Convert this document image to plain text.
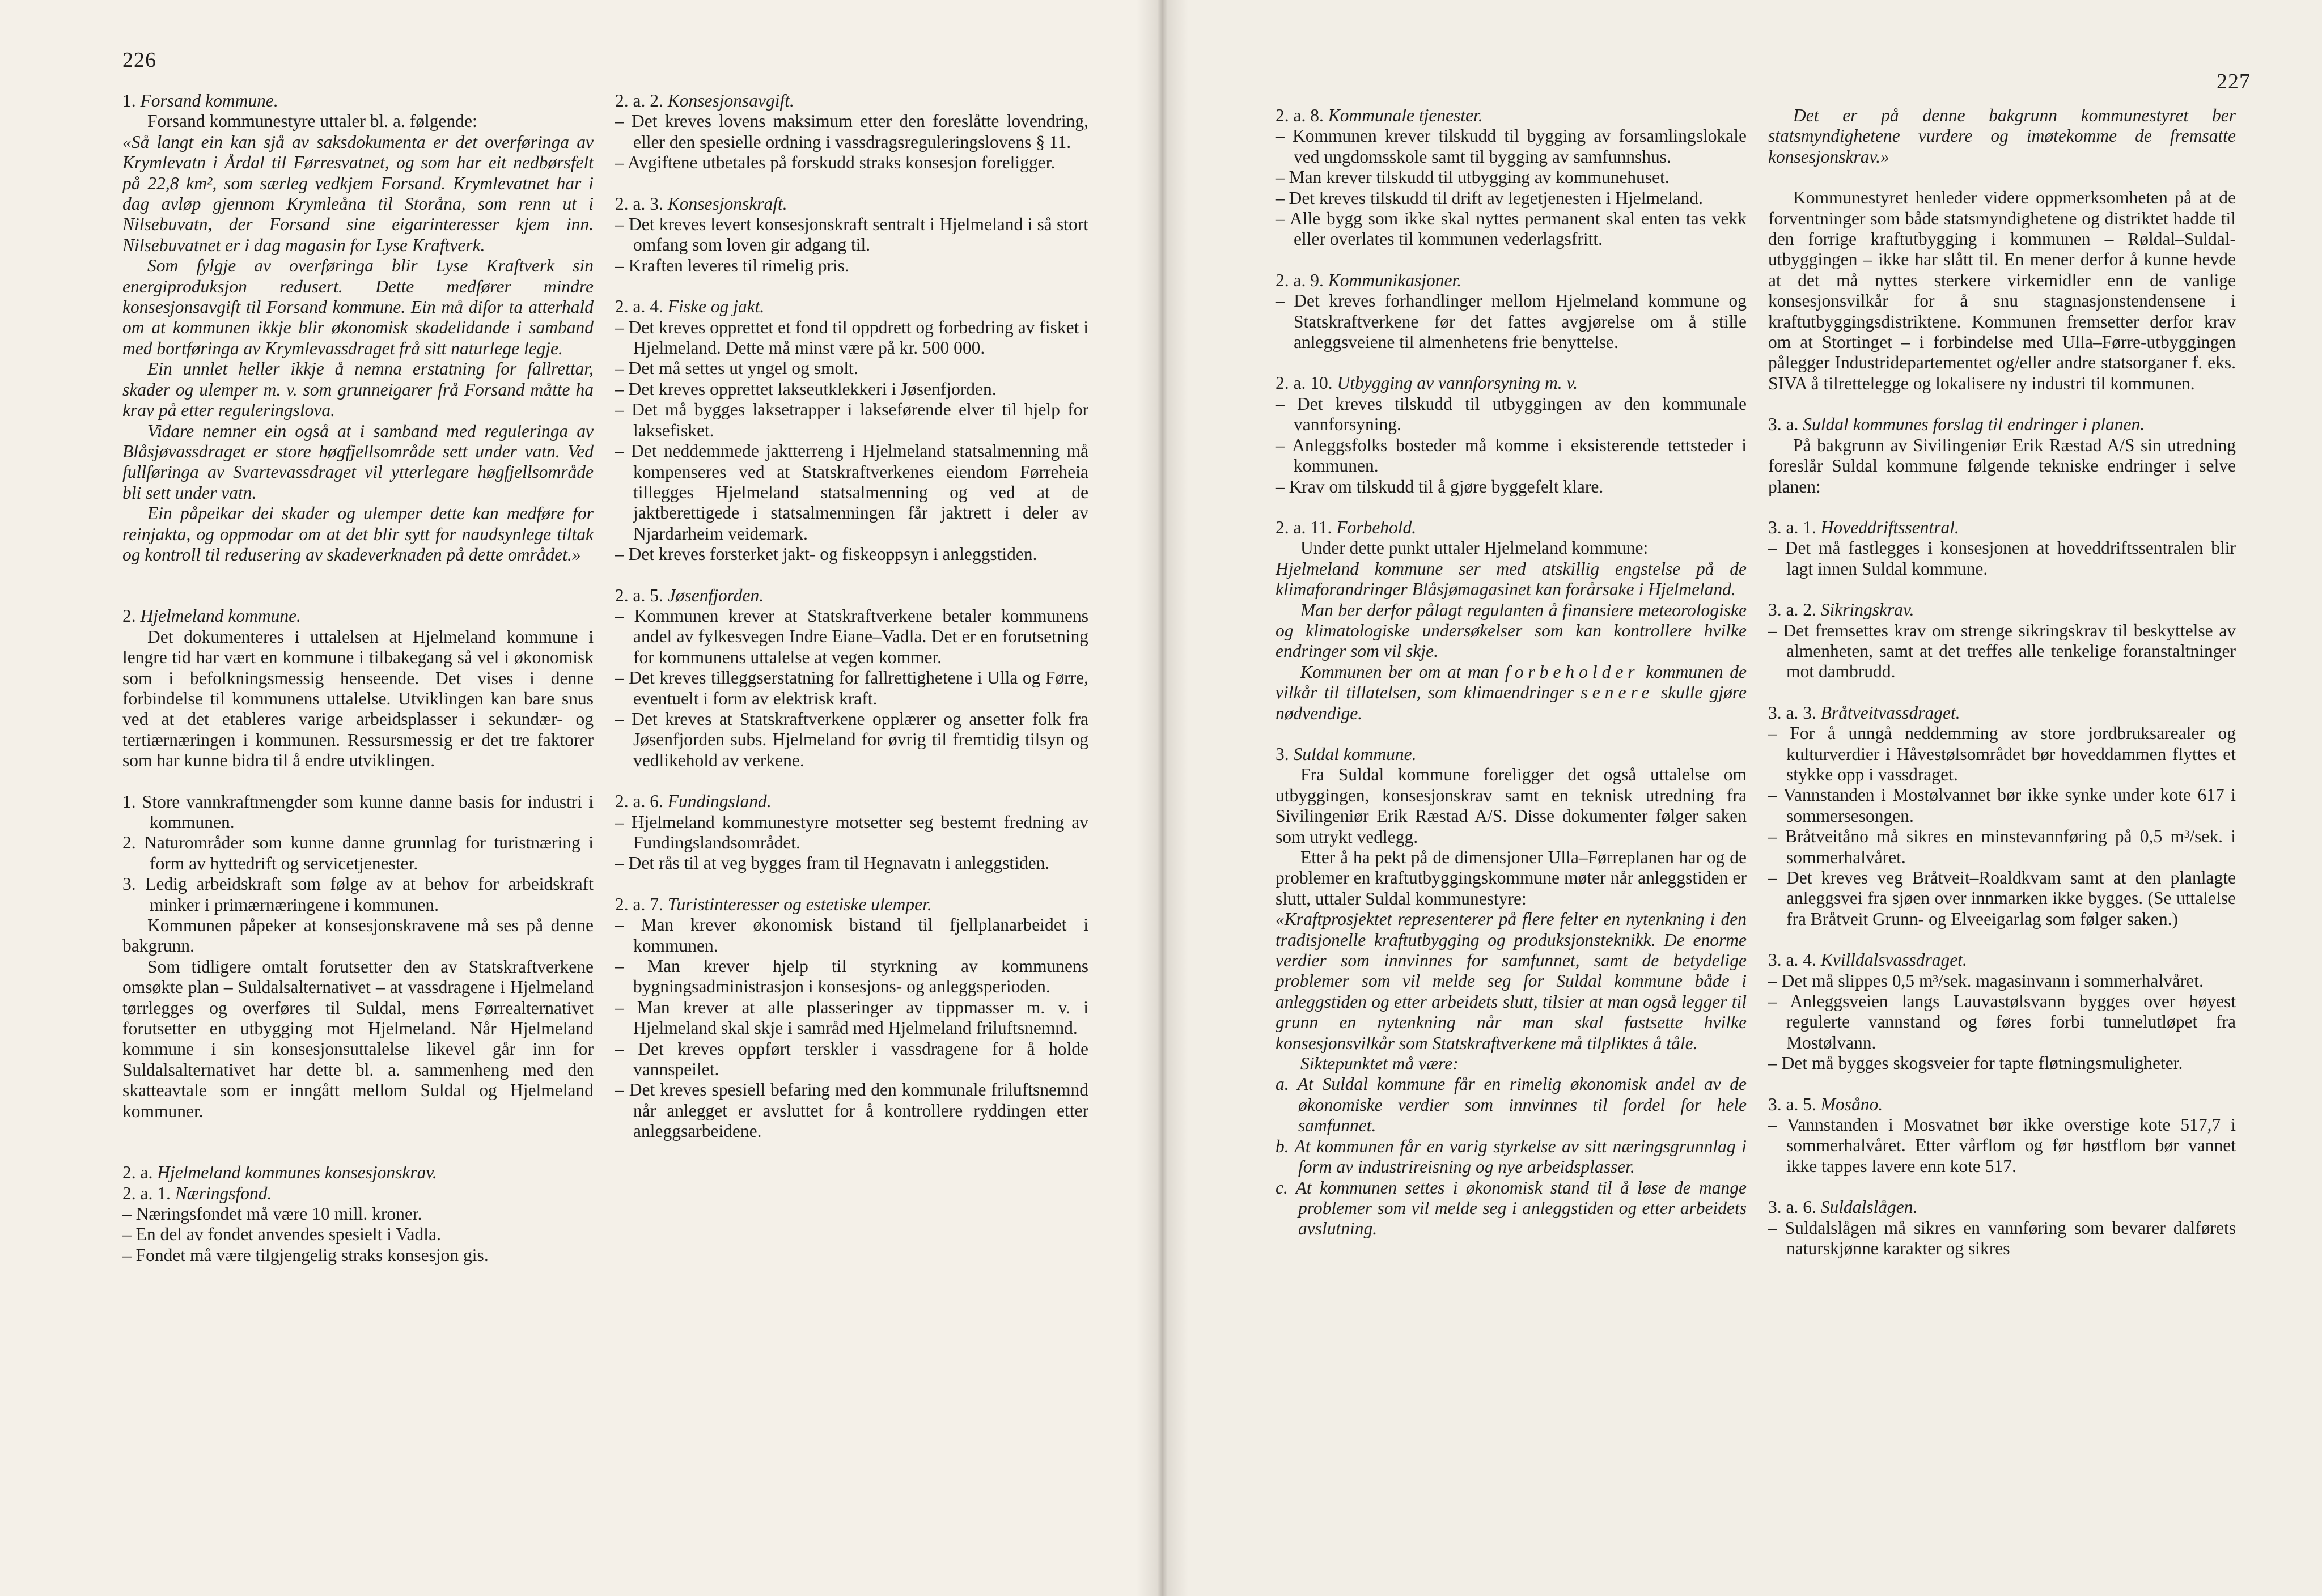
226
1. Forsand kommune.

Forsand kommunestyre uttaler bl. a. følgende:

«Så langt ein kan sjå av saksdokumenta er det overføringa av Krymlevatn i Årdal til Førresvatnet, og som har eit nedbørsfelt på 22,8 km², som særleg vedkjem Forsand. Krymlevatnet har i dag avløp gjennom Krymleåna til Storåna, som renn ut i Nilsebuvatn, der Forsand sine eigarinteresser kjem inn. Nilsebuvatnet er i dag magasin for Lyse Kraftverk.

Som fylgje av overføringa blir Lyse Kraftverk sin energiproduksjon redusert. Dette medfører mindre konsesjonsavgift til Forsand kommune. Ein må difor ta atterhald om at kommunen ikkje blir økonomisk skadelidande i samband med bortføringa av Krymlevassdraget frå sitt naturlege legje.

Ein unnlet heller ikkje å nemna erstatning for fallrettar, skader og ulemper m. v. som grunneigarer frå Forsand måtte ha krav på etter reguleringslova.

Vidare nemner ein også at i samband med reguleringa av Blåsjøvassdraget er store høgfjellsområde sett under vatn. Ved fullføringa av Svartevassdraget vil ytterlegare høgfjellsområde bli sett under vatn.

Ein påpeikar dei skader og ulemper dette kan medføre for reinjakta, og oppmodar om at det blir sytt for naudsynlege tiltak og kontroll til redusering av skadeverknaden på dette området.»

2. Hjelmeland kommune.

Det dokumenteres i uttalelsen at Hjelmeland kommune i lengre tid har vært en kommune i tilbakegang så vel i økonomisk som i befolkningsmessig henseende. Det vises i denne forbindelse til kommunens uttalelse. Utviklingen kan bare snus ved at det etableres varige arbeidsplasser i sekundær- og tertiærnæringen i kommunen. Ressursmessig er det tre faktorer som har kunne bidra til å endre utviklingen.

1. Store vannkraftmengder som kunne danne basis for industri i kommunen.

2. Naturområder som kunne danne grunnlag for turistnæring i form av hyttedrift og servicetjenester.

3. Ledig arbeidskraft som følge av at behov for arbeidskraft minker i primærnæringene i kommunen.

Kommunen påpeker at konsesjonskravene må ses på denne bakgrunn.

Som tidligere omtalt forutsetter den av Statskraftverkene omsøkte plan – Suldalsalternativet – at vassdragene i Hjelmeland tørrlegges og overføres til Suldal, mens Førrealternativet forutsetter en utbygging mot Hjelmeland. Når Hjelmeland kommune i sin konsesjonsuttalelse likevel går inn for Suldalsalternativet har dette bl. a. sammenheng med den skatteavtale som er inngått mellom Suldal og Hjelmeland kommuner.

2. a. Hjelmeland kommunes konsesjonskrav.
2. a. 1. Næringsfond.

– Næringsfondet må være 10 mill. kroner.

– En del av fondet anvendes spesielt i Vadla.

– Fondet må være tilgjengelig straks konsesjon gis.

2. a. 2. Konsesjonsavgift.

– Det kreves lovens maksimum etter den foreslåtte lovendring, eller den spesielle ordning i vassdragsreguleringslovens § 11.

– Avgiftene utbetales på forskudd straks konsesjon foreligger.

2. a. 3. Konsesjonskraft.

– Det kreves levert konsesjonskraft sentralt i Hjelmeland i så stort omfang som loven gir adgang til.

– Kraften leveres til rimelig pris.

2. a. 4. Fiske og jakt.

– Det kreves opprettet et fond til oppdrett og forbedring av fisket i Hjelmeland. Dette må minst være på kr. 500 000.

– Det må settes ut yngel og smolt.

– Det kreves opprettet lakseutklekkeri i Jøsenfjorden.

– Det må bygges laksetrapper i lakseførende elver til hjelp for laksefisket.

– Det neddemmede jaktterreng i Hjelmeland statsalmenning må kompenseres ved at Statskraftverkenes eiendom Førreheia tillegges Hjelmeland statsalmenning og ved at de jaktberettigede i statsalmenningen får jaktrett i deler av Njardarheim veidemark.

– Det kreves forsterket jakt- og fiskeoppsyn i anleggstiden.

2. a. 5. Jøsenfjorden.

– Kommunen krever at Statskraftverkene betaler kommunens andel av fylkesvegen Indre Eiane–Vadla. Det er en forutsetning for kommunens uttalelse at vegen kommer.

– Det kreves tilleggserstatning for fallrettighetene i Ulla og Førre, eventuelt i form av elektrisk kraft.

– Det kreves at Statskraftverkene opplærer og ansetter folk fra Jøsenfjorden subs. Hjelmeland for øvrig til fremtidig tilsyn og vedlikehold av verkene.

2. a. 6. Fundingsland.

– Hjelmeland kommunestyre motsetter seg bestemt fredning av Fundingslandsområdet.

– Det rås til at veg bygges fram til Hegnavatn i anleggstiden.

2. a. 7. Turistinteresser og estetiske ulemper.

– Man krever økonomisk bistand til fjellplanarbeidet i kommunen.

– Man krever hjelp til styrkning av kommunens bygningsadministrasjon i konsesjons- og anleggsperioden.

– Man krever at alle plasseringer av tippmasser m. v. i Hjelmeland skal skje i samråd med Hjelmeland friluftsnemnd.

– Det kreves oppført terskler i vassdragene for å holde vannspeilet.

– Det kreves spesiell befaring med den kommunale friluftsnemnd når anlegget er avsluttet for å kontrollere ryddingen etter anleggsarbeidene.

227
2. a. 8. Kommunale tjenester.

– Kommunen krever tilskudd til bygging av forsamlingslokale ved ungdomsskole samt til bygging av samfunnshus.

– Man krever tilskudd til utbygging av kommunehuset.

– Det kreves tilskudd til drift av legetjenesten i Hjelmeland.

– Alle bygg som ikke skal nyttes permanent skal enten tas vekk eller overlates til kommunen vederlagsfritt.

2. a. 9. Kommunikasjoner.

– Det kreves forhandlinger mellom Hjelmeland kommune og Statskraftverkene før det fattes avgjørelse om å stille anleggsveiene til almenhetens frie benyttelse.

2. a. 10. Utbygging av vannforsyning m. v.

– Det kreves tilskudd til utbyggingen av den kommunale vannforsyning.

– Anleggsfolks bosteder må komme i eksisterende tettsteder i kommunen.

– Krav om tilskudd til å gjøre byggefelt klare.

2. a. 11. Forbehold.

Under dette punkt uttaler Hjelmeland kommune:

Hjelmeland kommune ser med atskillig engstelse på de klimaforandringer Blåsjømagasinet kan forårsake i Hjelmeland.

Man ber derfor pålagt regulanten å finansiere meteorologiske og klimatologiske undersøkelser som kan kontrollere hvilke endringer som vil skje.

Kommunen ber om at man forbeholder kommunen de vilkår til tillatelsen, som klimaendringer senere skulle gjøre nødvendige.

3. Suldal kommune.

Fra Suldal kommune foreligger det også uttalelse om utbyggingen, konsesjonskrav samt en teknisk utredning fra Sivilingeniør Erik Ræstad A/S. Disse dokumenter følger saken som utrykt vedlegg.

Etter å ha pekt på de dimensjoner Ulla–Førreplanen har og de problemer en kraftutbyggingskommune møter når anleggstiden er slutt, uttaler Suldal kommunestyre:

«Kraftprosjektet representerer på flere felter en nytenkning i den tradisjonelle kraftutbygging og produksjonsteknikk. De enorme verdier som innvinnes for samfunnet, samt de betydelige problemer som vil melde seg for Suldal kommune både i anleggstiden og etter arbeidets slutt, tilsier at man også legger til grunn en nytenkning når man skal fastsette hvilke konsesjonsvilkår som Statskraftverkene må tilpliktes å tåle.

Siktepunktet må være:

a. At Suldal kommune får en rimelig økonomisk andel av de økonomiske verdier som innvinnes til fordel for hele samfunnet.

b. At kommunen får en varig styrkelse av sitt næringsgrunnlag i form av industrireisning og nye arbeidsplasser.

c. At kommunen settes i økonomisk stand til å løse de mange problemer som vil melde seg i anleggstiden og etter arbeidets avslutning.

Det er på denne bakgrunn kommunestyret ber statsmyndighetene vurdere og imøtekomme de fremsatte konsesjonskrav.»

Kommunestyret henleder videre oppmerksomheten på at de forventninger som både statsmyndighetene og distriktet hadde til den forrige kraftutbygging i kommunen – Røldal–Suldal-utbyggingen – ikke har slått til. En mener derfor å kunne hevde at det må nyttes sterkere virkemidler enn de vanlige konsesjonsvilkår for å snu stagnasjonstendensene i kraftutbyggingsdistriktene. Kommunen fremsetter derfor krav om at Stortinget – i forbindelse med Ulla–Førre-utbyggingen pålegger Industridepartementet og/eller andre statsorganer f. eks. SIVA å tilrettelegge og lokalisere ny industri til kommunen.

3. a. Suldal kommunes forslag til endringer i planen.

På bakgrunn av Sivilingeniør Erik Ræstad A/S sin utredning foreslår Suldal kommune følgende tekniske endringer i selve planen:

3. a. 1. Hoveddriftssentral.

– Det må fastlegges i konsesjonen at hoveddriftssentralen blir lagt innen Suldal kommune.

3. a. 2. Sikringskrav.

– Det fremsettes krav om strenge sikringskrav til beskyttelse av almenheten, samt at det treffes alle tenkelige foranstaltninger mot dambrudd.

3. a. 3. Bråtveitvassdraget.

– For å unngå neddemming av store jordbruksarealer og kulturverdier i Håvestølsområdet bør hoveddammen flyttes et stykke opp i vassdraget.

– Vannstanden i Mostølvannet bør ikke synke under kote 617 i sommersesongen.

– Bråtveitåno må sikres en minstevannføring på 0,5 m³/sek. i sommerhalvåret.

– Det kreves veg Bråtveit–Roaldkvam samt at den planlagte anleggsvei fra sjøen over innmarken ikke bygges. (Se uttalelse fra Bråtveit Grunn- og Elveeigarlag som følger saken.)

3. a. 4. Kvilldalsvassdraget.

– Det må slippes 0,5 m³/sek. magasinvann i sommerhalvåret.

– Anleggsveien langs Lauvastølsvann bygges over høyest regulerte vannstand og føres forbi tunnelutløpet fra Mostølvann.

– Det må bygges skogsveier for tapte fløtningsmuligheter.

3. a. 5. Mosåno.

– Vannstanden i Mosvatnet bør ikke overstige kote 517,7 i sommerhalvåret. Etter vårflom og før høstflom bør vannet ikke tappes lavere enn kote 517.

3. a. 6. Suldalslågen.

– Suldalslågen må sikres en vannføring som bevarer dalførets naturskjønne karakter og sikres
